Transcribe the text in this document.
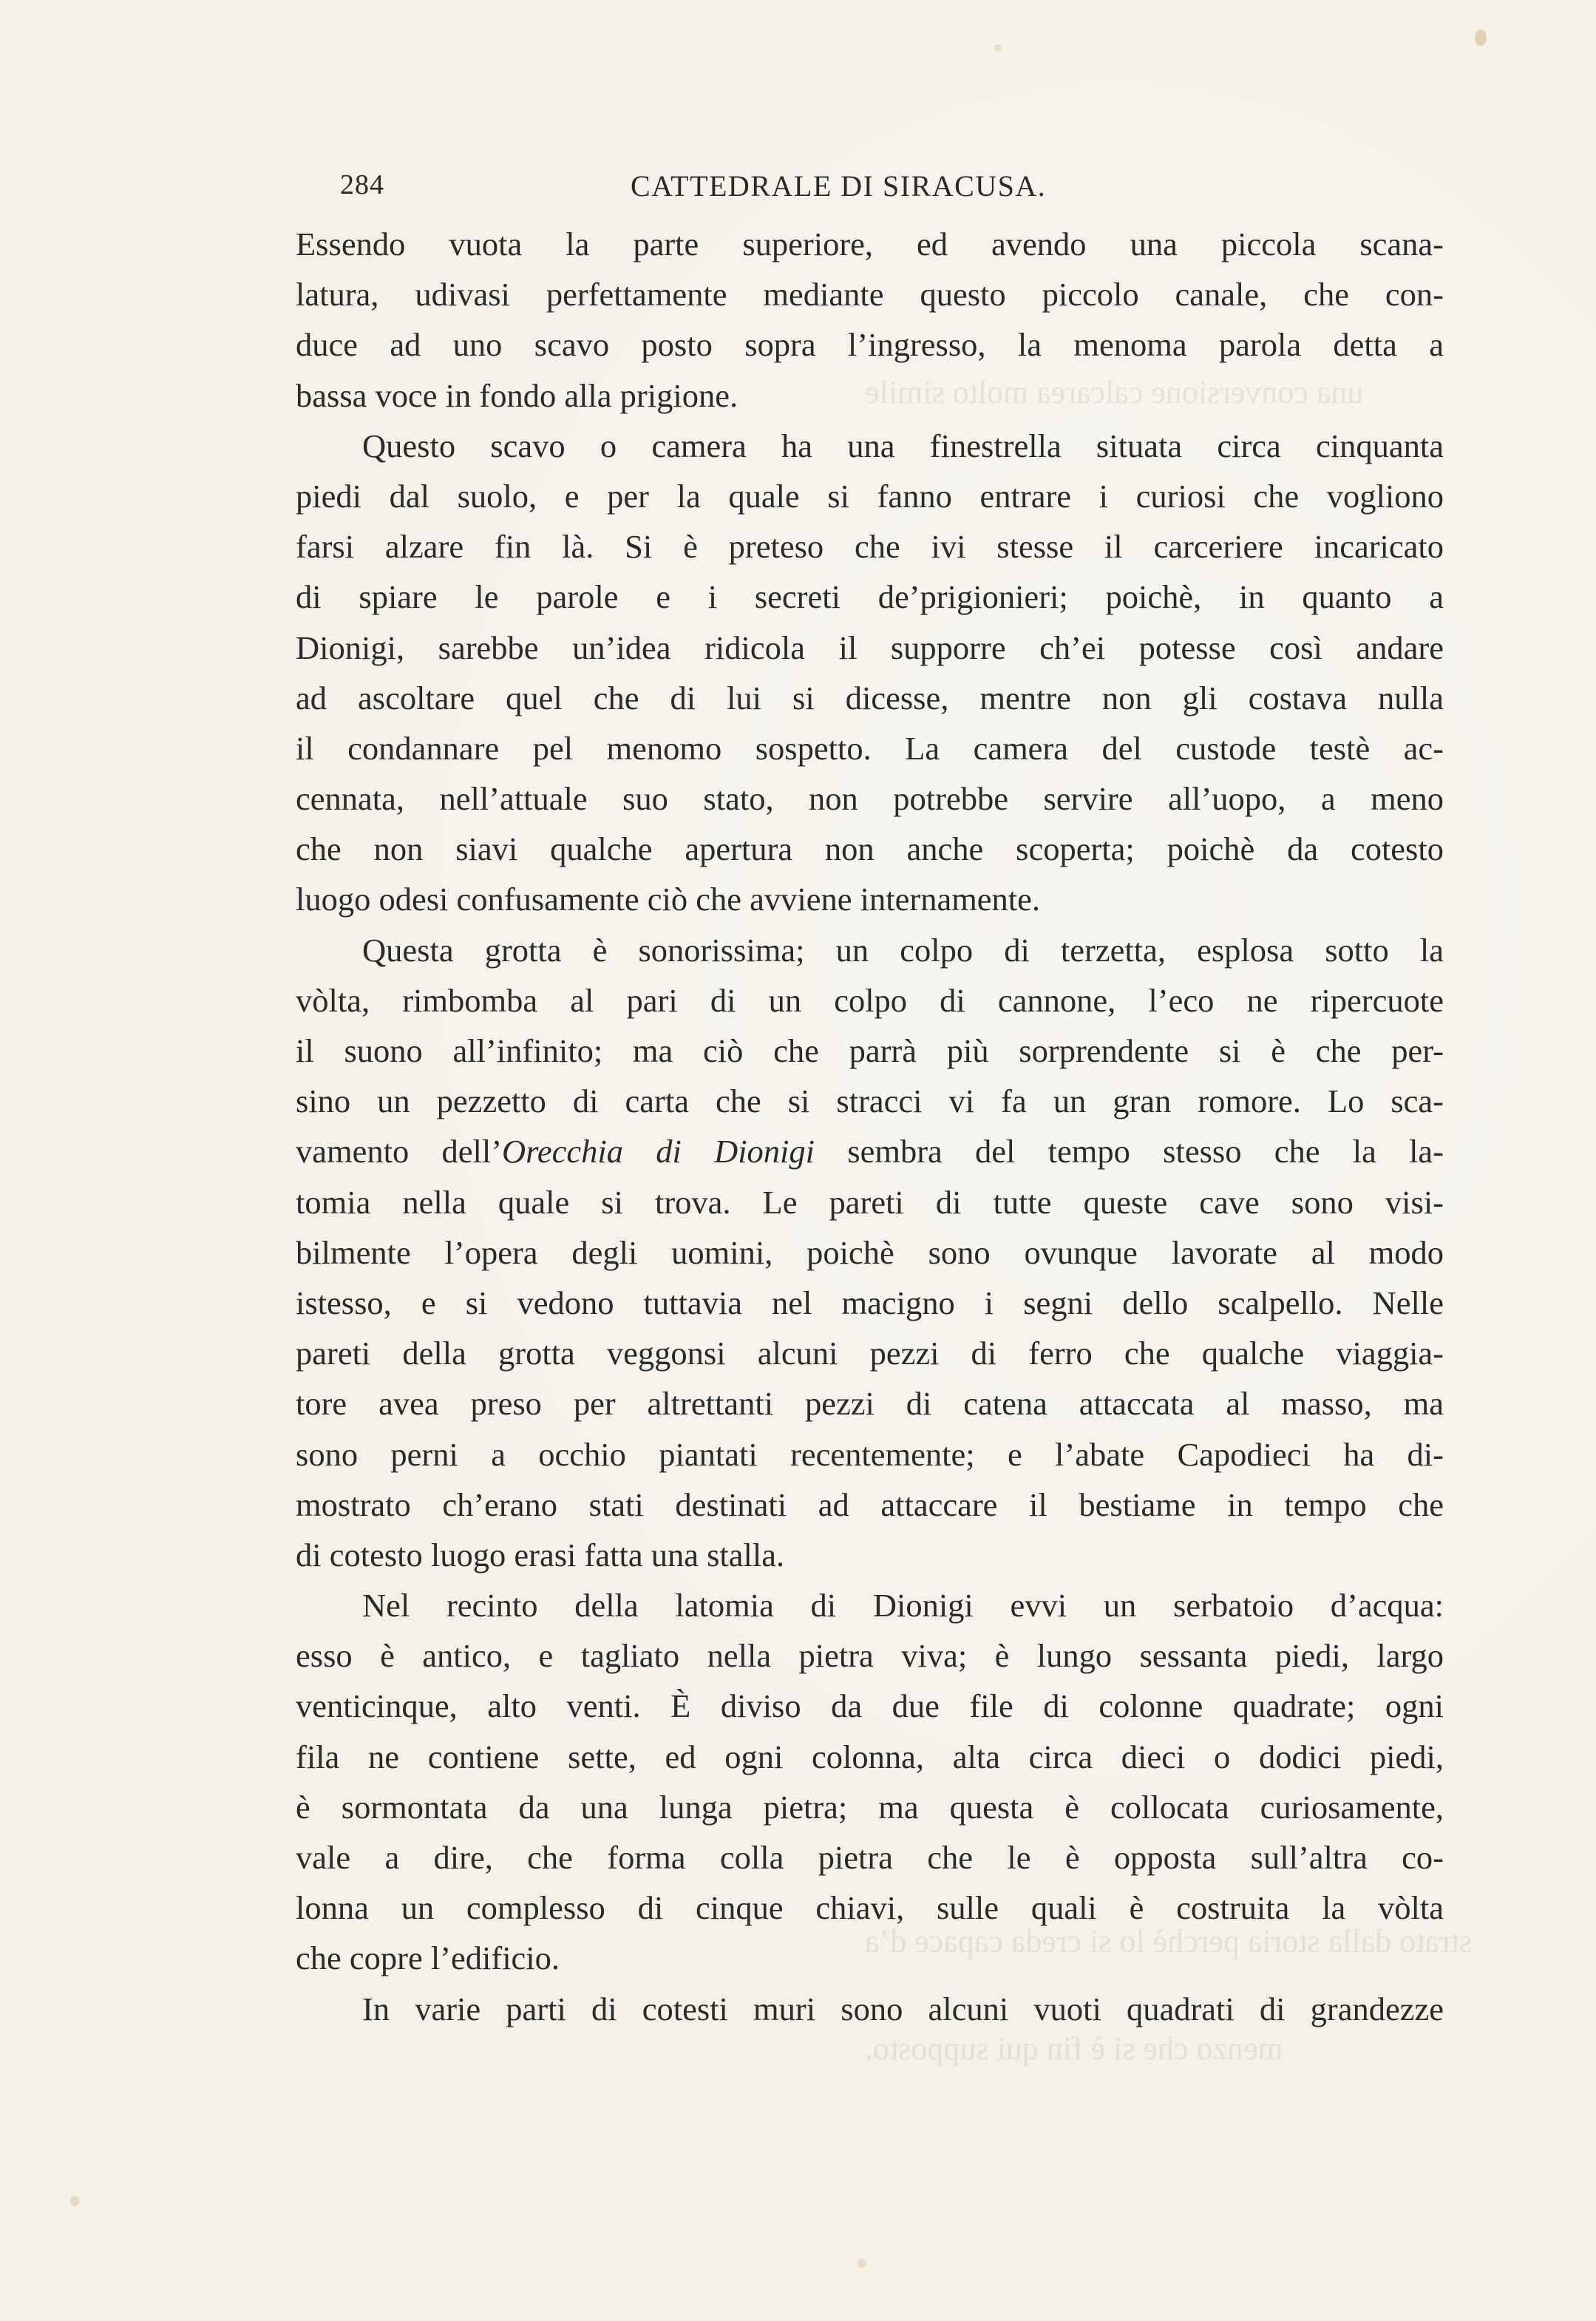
una conversione calcarea molto simile
strato dalla storia perchè lo si creda capace d’a
menzo che si è fin qui supposto.
284	CATTEDRALE DI SIRACUSA.
Essendo vuota la parte superiore, ed avendo una piccola scana-
latura, udivasi perfettamente mediante questo piccolo canale, che con-
duce ad uno scavo posto sopra l’ingresso, la menoma parola detta a
bassa voce in fondo alla prigione.
Questo scavo o camera ha una finestrella situata circa cinquanta
piedi dal suolo, e per la quale si fanno entrare i curiosi che vogliono
farsi alzare fin là. Si è preteso che ivi stesse il carceriere incaricato
di spiare le parole e i secreti de’prigionieri; poichè, in quanto a
Dionigi, sarebbe un’idea ridicola il supporre ch’ei potesse così andare
ad ascoltare quel che di lui si dicesse, mentre non gli costava nulla
il condannare pel menomo sospetto. La camera del custode testè ac-
cennata, nell’attuale suo stato, non potrebbe servire all’uopo, a meno
che non siavi qualche apertura non anche scoperta; poichè da cotesto
luogo odesi confusamente ciò che avviene internamente.
Questa grotta è sonorissima; un colpo di terzetta, esplosa sotto la
vòlta, rimbomba al pari di un colpo di cannone, l’eco ne ripercuote
il suono all’infinito; ma ciò che parrà più sorprendente si è che per-
sino un pezzetto di carta che si stracci vi fa un gran romore. Lo sca-
vamento dell’Orecchia di Dionigi sembra del tempo stesso che la la-
tomia nella quale si trova. Le pareti di tutte queste cave sono visi-
bilmente l’opera degli uomini, poichè sono ovunque lavorate al modo
istesso, e si vedono tuttavia nel macigno i segni dello scalpello. Nelle
pareti della grotta veggonsi alcuni pezzi di ferro che qualche viaggia-
tore avea preso per altrettanti pezzi di catena attaccata al masso, ma
sono perni a occhio piantati recentemente; e l’abate Capodieci ha di-
mostrato ch’erano stati destinati ad attaccare il bestiame in tempo che
di cotesto luogo erasi fatta una stalla.
Nel recinto della latomia di Dionigi evvi un serbatoio d’acqua:
esso è antico, e tagliato nella pietra viva; è lungo sessanta piedi, largo
venticinque, alto venti. È diviso da due file di colonne quadrate; ogni
fila ne contiene sette, ed ogni colonna, alta circa dieci o dodici piedi,
è sormontata da una lunga pietra; ma questa è collocata curiosamente,
vale a dire, che forma colla pietra che le è opposta sull’altra co-
lonna un complesso di cinque chiavi, sulle quali è costruita la vòlta
che copre l’edificio.
In varie parti di cotesti muri sono alcuni vuoti quadrati di grandezze
